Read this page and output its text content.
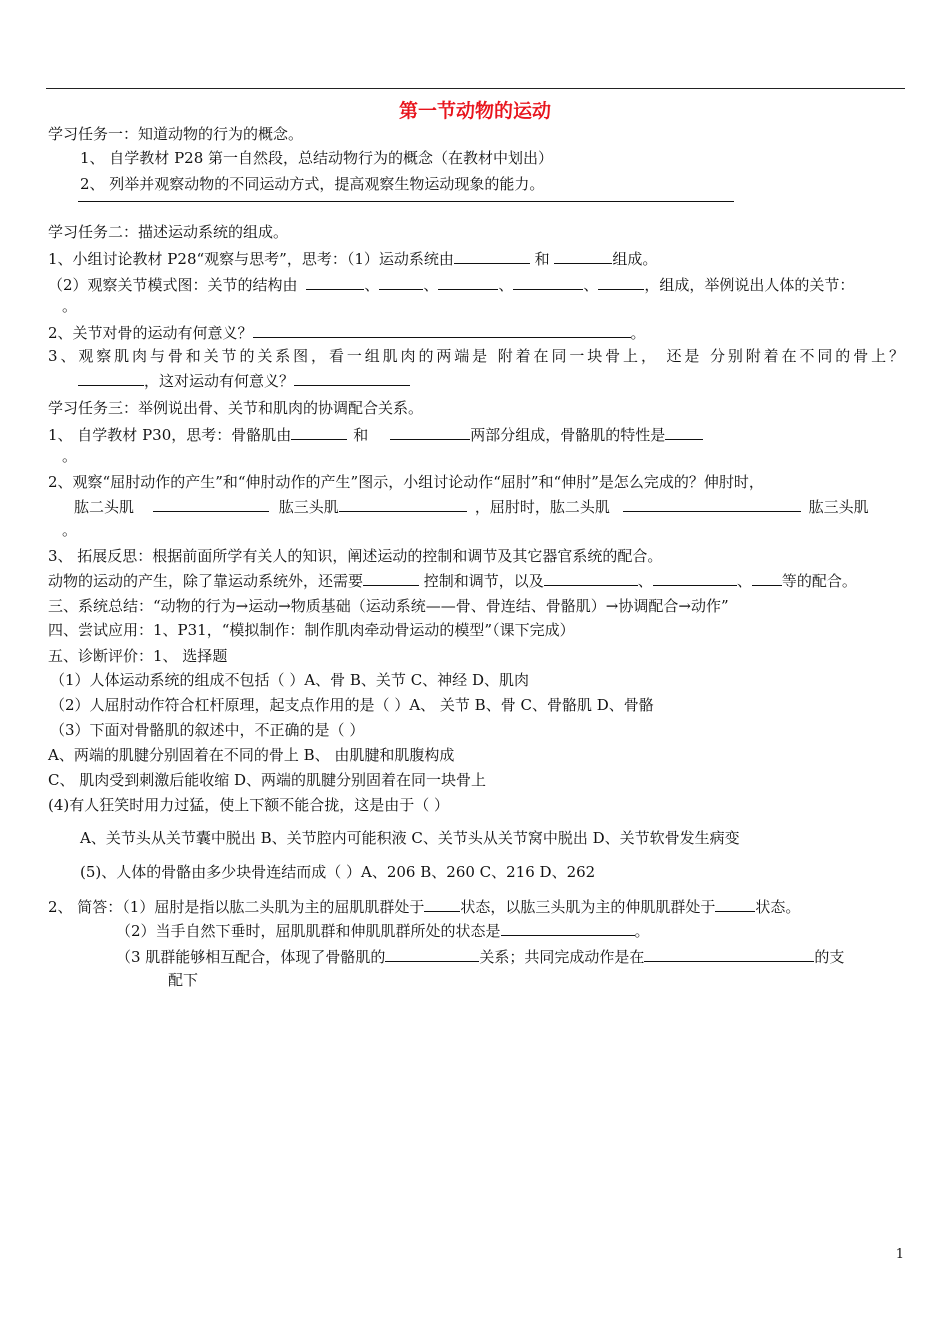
第一节动物的运动
学习任务一：知道动物的行为的概念。
1、 自学教材 P28 第一自然段，总结动物行为的概念（在教材中划出）
2、 列举并观察动物的不同运动方式，提高观察生物运动现象的能力。
学习任务二：描述运动系统的组成。
1、小组讨论教材 P28“观察与思考”，思考：（1）运动系统由	和	组成。
（2）观察关节模式图：关节的结构由	、	、	、	、	，组成，举例说出人体的关节：
。
2、关节对骨的运动有何意义？	。
3、观察肌肉与骨和关节的关系图，看一组肌肉的两端是 附着在同一块骨上， 还是 分别附着在不同的骨上？
，这对运动有何意义？
学习任务三：举例说出骨、关节和肌肉的协调配合关系。
1、 自学教材 P30，思考：骨骼肌由	和	两部分组成，骨骼肌的特性是
。
2、观察“屈肘动作的产生”和“伸肘动作的产生”图示，小组讨论动作“屈肘”和“伸肘”是怎么完成的？伸肘时，
肱二头肌	肱三头肌	，屈肘时，肱二头肌	肱三头肌
。
3、 拓展反思：根据前面所学有关人的知识，阐述运动的控制和调节及其它器官系统的配合。
动物的运动的产生，除了靠运动系统外，还需要	控制和调节，以及	、	、 等的配合。
三、系统总结：“动物的行为→运动→物质基础（运动系统——骨、骨连结、骨骼肌）→协调配合→动作”
四、尝试应用：1、P31，“模拟制作：制作肌肉牵动骨运动的模型”（课下完成）
五、诊断评价：1、 选择题
（1）人体运动系统的组成不包括（ ）A、骨 B、关节 C、神经 D、肌肉
（2）人屈肘动作符合杠杆原理，起支点作用的是（ ）A、 关节 B、骨 C、骨骼肌 D、骨骼
（3）下面对骨骼肌的叙述中，不正确的是（ ）
A、两端的肌腱分别固着在不同的骨上 B、 由肌腱和肌腹构成
C、 肌肉受到刺激后能收缩 D、两端的肌腱分别固着在同一块骨上
(4)有人狂笑时用力过猛，使上下额不能合拢，这是由于（ ）
A、关节头从关节囊中脱出 B、关节腔内可能积液 C、关节头从关节窝中脱出 D、关节软骨发生病变
(5)、人体的骨骼由多少块骨连结而成（ ）A、206 B、260 C、216 D、262
2、 简答：（1）屈肘是指以肱二头肌为主的屈肌肌群处于 状态，以肱三头肌为主的伸肌肌群处于	状态。
（2）当手自然下垂时，屈肌肌群和伸肌肌群所处的状态是	。
（3 肌群能够相互配合，体现了骨骼肌的	关系；共同完成动作是在	的支
配下
1
